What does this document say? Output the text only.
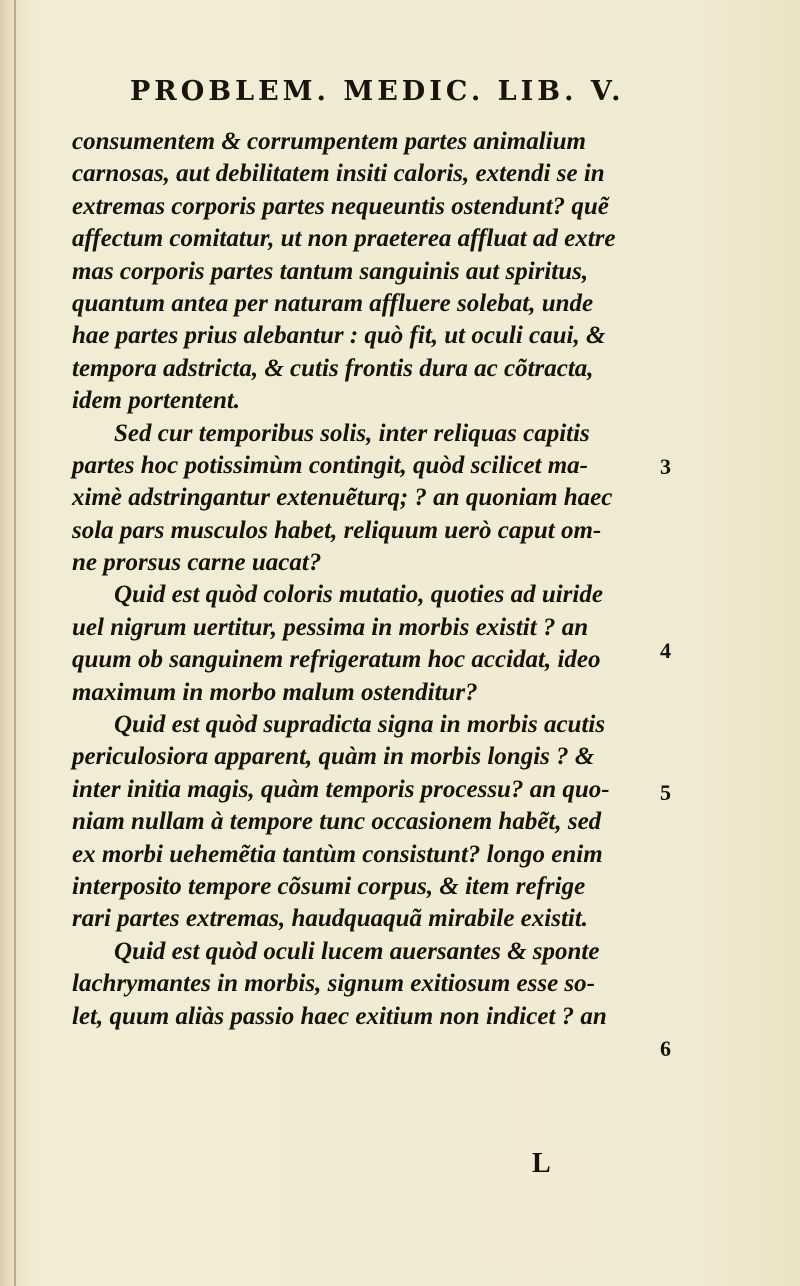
PROBLEM. MEDIC. LIB. V.
consumentem & corrumpentem partes animalium
carnosas, aut debilitatem insiti caloris, extendi se in
extremas corporis partes nequeuntis ostendunt? quẽ
affectum comitatur, ut non praeterea affluat ad extre
mas corporis partes tantum sanguinis aut spiritus,
quantum antea per naturam affluere solebat, unde
hae partes prius alebantur : quò fit, ut oculi caui, &
tempora adstricta, & cutis frontis dura ac cõtracta,
idem portentent.
Sed cur temporibus solis, inter reliquas capitis
partes hoc potissimùm contingit, quòd scilicet ma-
ximè adstringantur extenuẽturq; ? an quoniam haec
sola pars musculos habet, reliquum uerò caput om-
ne prorsus carne uacat?
Quid est quòd coloris mutatio, quoties ad uiride
uel nigrum uertitur, pessima in morbis existit ? an
quum ob sanguinem refrigeratum hoc accidat, ideo
maximum in morbo malum ostenditur?
Quid est quòd supradicta signa in morbis acutis
periculosiora apparent, quàm in morbis longis ? &
inter initia magis, quàm temporis processu? an quo-
niam nullam à tempore tunc occasionem habẽt, sed
ex morbi uehemẽtia tantùm consistunt? longo enim
interposito tempore cõsumi corpus, & item refrige
rari partes extremas, haudquaquã mirabile existit.
Quid est quòd oculi lucem auersantes & sponte
lachrymantes in morbis, signum exitiosum esse so-
let, quum aliàs passio haec exitium non indicet ? an
3
4
5
6
L
